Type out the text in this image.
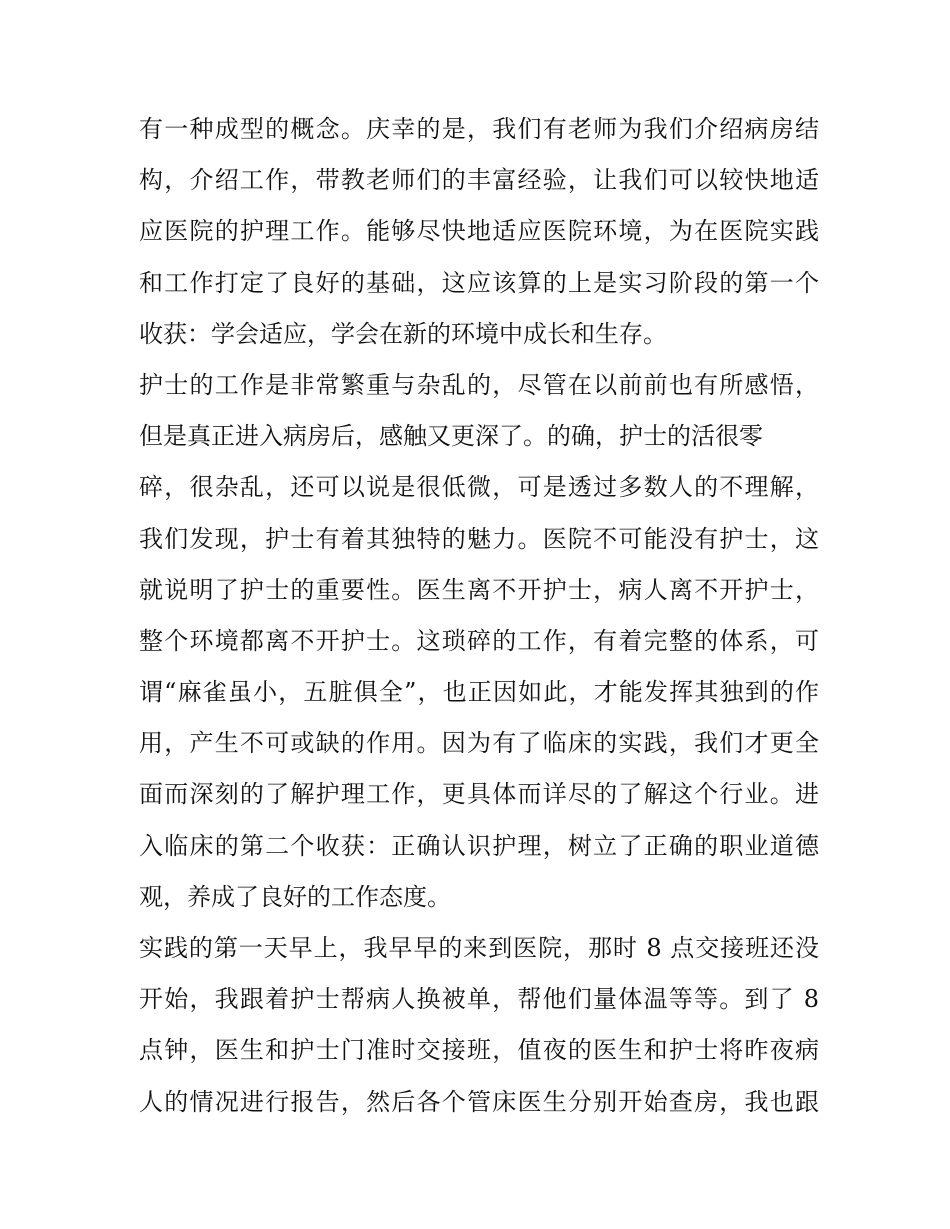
有一种成型的概念。庆幸的是，我们有老师为我们介绍病房结
构，介绍工作，带教老师们的丰富经验，让我们可以较快地适
应医院的护理工作。能够尽快地适应医院环境，为在医院实践
和工作打定了良好的基础，这应该算的上是实习阶段的第一个
收获：学会适应，学会在新的环境中成长和生存。
护士的工作是非常繁重与杂乱的，尽管在以前前也有所感悟，
但是真正进入病房后，感触又更深了。的确，护士的活很零
碎，很杂乱，还可以说是很低微，可是透过多数人的不理解，
我们发现，护士有着其独特的魅力。医院不可能没有护士，这
就说明了护士的重要性。医生离不开护士，病人离不开护士，
整个环境都离不开护士。这琐碎的工作，有着完整的体系，可
谓“麻雀虽小，五脏俱全”，也正因如此，才能发挥其独到的作
用，产生不可或缺的作用。因为有了临床的实践，我们才更全
面而深刻的了解护理工作，更具体而详尽的了解这个行业。进
入临床的第二个收获：正确认识护理，树立了正确的职业道德
观，养成了良好的工作态度。
实践的第一天早上，我早早的来到医院，那时 8 点交接班还没
开始，我跟着护士帮病人换被单，帮他们量体温等等。到了 8
点钟，医生和护士门准时交接班，值夜的医生和护士将昨夜病
人的情况进行报告，然后各个管床医生分别开始查房，我也跟
